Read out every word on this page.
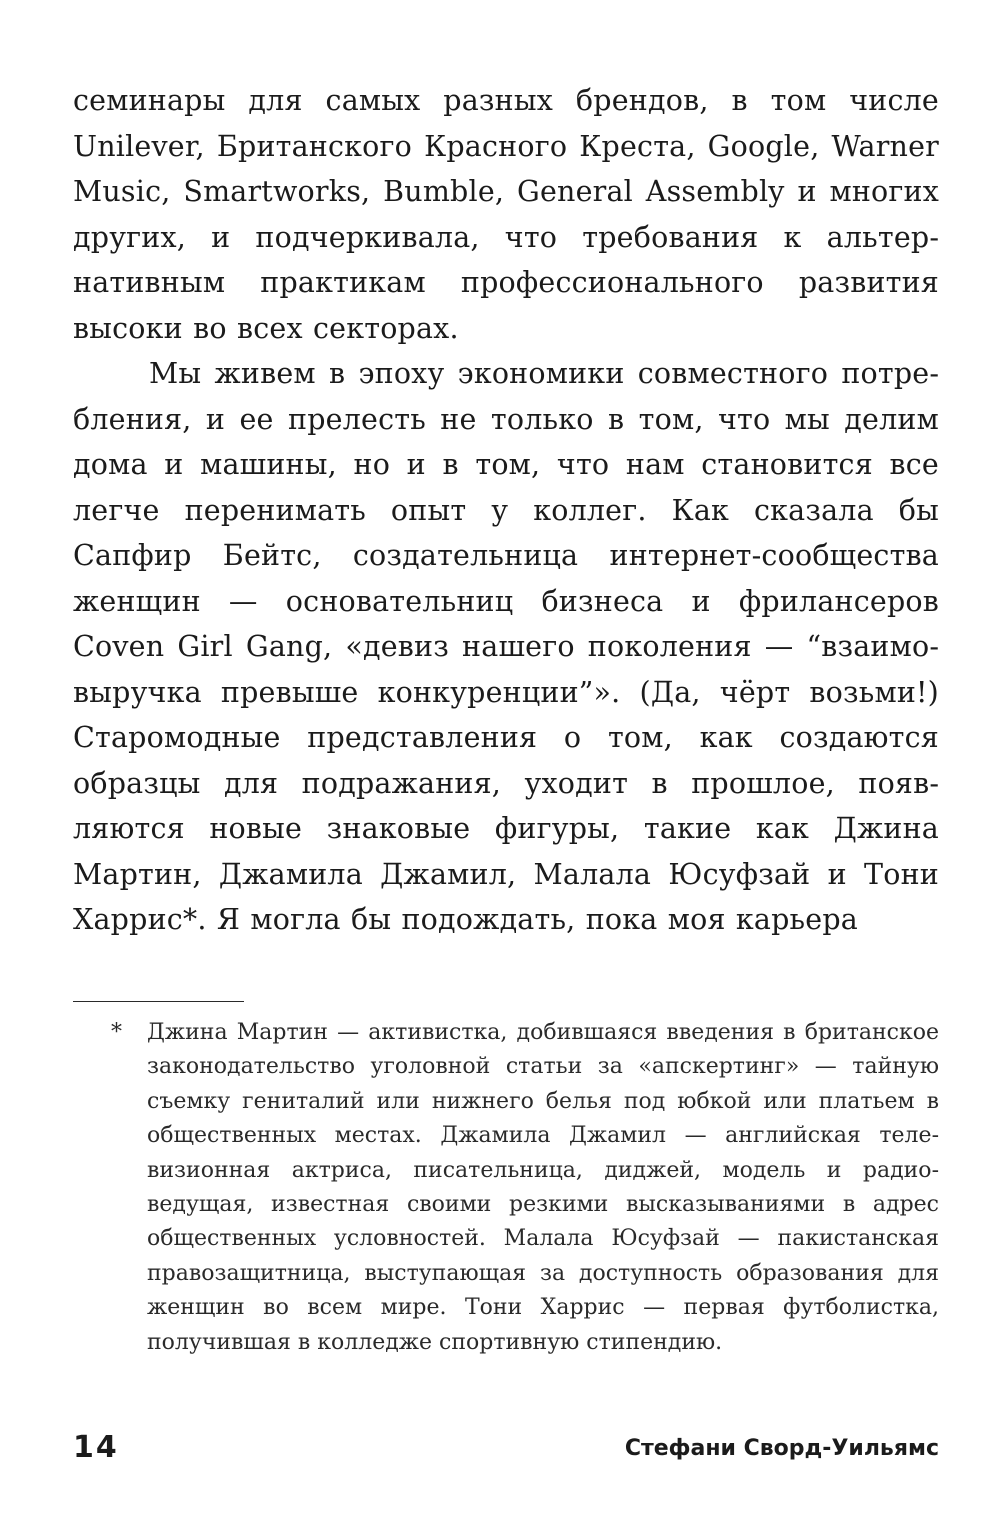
семинары для самых разных брендов, в том числе Unilever, Британского Красного Креста, Google, Warner Music, Smartworks, Bumble, General Assembly и многих других, и подчеркивала, что требования к альтернативным практикам профессионального развития высоки во всех секторах.

Мы живем в эпоху экономики совместного потребления, и ее прелесть не только в том, что мы делим дома и машины, но и в том, что нам становится все легче перенимать опыт у коллег. Как сказала бы Сапфир Бейтс, создательница интернет-сообщества женщин — основательниц бизнеса и фрилансеров Coven Girl Gang, «девиз нашего поколения — “взаимовыручка превыше конкуренции”». (Да, чёрт возьми!) Старомодные представления о том, как создаются образцы для подражания, уходит в прошлое, появляются новые знаковые фигуры, такие как Джина Мартин, Джамила Джамил, Малала Юсуфзай и Тони Харрис*. Я могла бы подождать, пока моя карьера

*	Джина Мартин — активистка, добившаяся введения в британское законодательство уголовной статьи за «апскертинг» — тайную съемку гениталий или нижнего белья под юбкой или платьем в общественных местах. Джамила Джамил — английская телевизионная актриса, писательница, диджей, модель и радиоведущая, известная своими резкими высказываниями в адрес общественных условностей. Малала Юсуфзай — пакистанская правозащитница, выступающая за доступность образования для женщин во всем мире. Тони Харрис — первая футболистка, получившая в колледже спортивную стипендию.
14	Стефани Сворд-Уильямс
